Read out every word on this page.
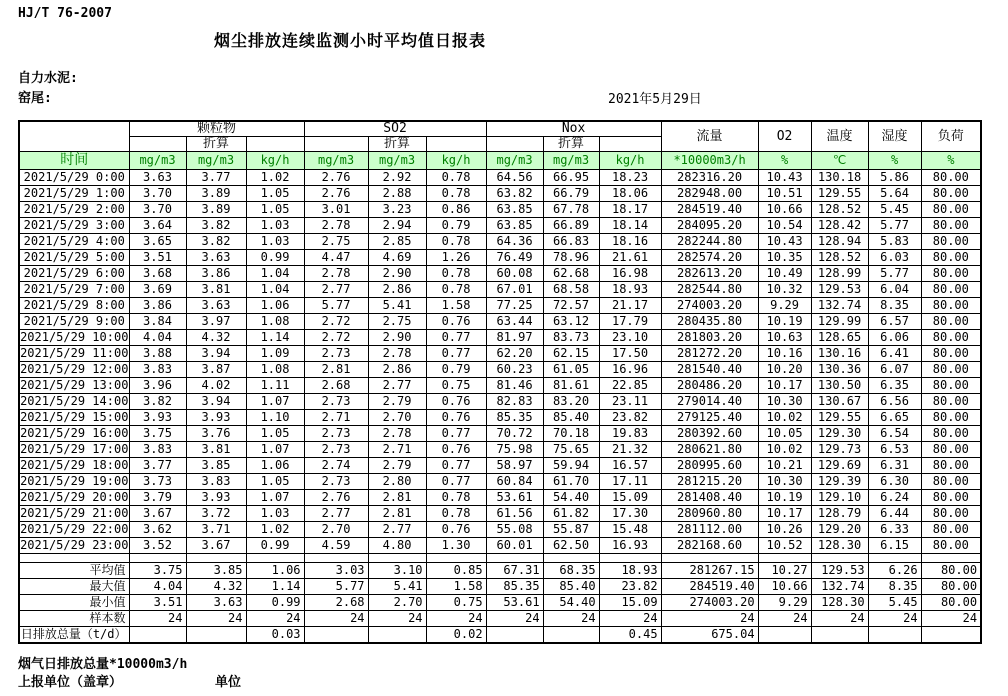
HJ/T 76-2007
烟尘排放连续监测小时平均值日报表
自力水泥:
窑尾:	2021年5月29日
	颗粒物			SO2			Nox			流量	O2	温度	湿度	负荷
		折算			折算			折算						
时间	mg/m3	mg/m3	kg/h	mg/m3	mg/m3	kg/h	mg/m3	mg/m3	kg/h	*10000m3/h	%	℃	%	%
2021/5/29 0:00	3.63	3.77	1.02	2.76	2.92	0.78	64.56	66.95	18.23	282316.20	10.43	130.18	5.86	80.00
2021/5/29 1:00	3.70	3.89	1.05	2.76	2.88	0.78	63.82	66.79	18.06	282948.00	10.51	129.55	5.64	80.00
2021/5/29 2:00	3.70	3.89	1.05	3.01	3.23	0.86	63.85	67.78	18.17	284519.40	10.66	128.52	5.45	80.00
2021/5/29 3:00	3.64	3.82	1.03	2.78	2.94	0.79	63.85	66.89	18.14	284095.20	10.54	128.42	5.77	80.00
2021/5/29 4:00	3.65	3.82	1.03	2.75	2.85	0.78	64.36	66.83	18.16	282244.80	10.43	128.94	5.83	80.00
2021/5/29 5:00	3.51	3.63	0.99	4.47	4.69	1.26	76.49	78.96	21.61	282574.20	10.35	128.52	6.03	80.00
2021/5/29 6:00	3.68	3.86	1.04	2.78	2.90	0.78	60.08	62.68	16.98	282613.20	10.49	128.99	5.77	80.00
2021/5/29 7:00	3.69	3.81	1.04	2.77	2.86	0.78	67.01	68.58	18.93	282544.80	10.32	129.53	6.04	80.00
2021/5/29 8:00	3.86	3.63	1.06	5.77	5.41	1.58	77.25	72.57	21.17	274003.20	9.29	132.74	8.35	80.00
2021/5/29 9:00	3.84	3.97	1.08	2.72	2.75	0.76	63.44	63.12	17.79	280435.80	10.19	129.99	6.57	80.00
2021/5/29 10:00	4.04	4.32	1.14	2.72	2.90	0.77	81.97	83.73	23.10	281803.20	10.63	128.65	6.06	80.00
2021/5/29 11:00	3.88	3.94	1.09	2.73	2.78	0.77	62.20	62.15	17.50	281272.20	10.16	130.16	6.41	80.00
2021/5/29 12:00	3.83	3.87	1.08	2.81	2.86	0.79	60.23	61.05	16.96	281540.40	10.20	130.36	6.07	80.00
2021/5/29 13:00	3.96	4.02	1.11	2.68	2.77	0.75	81.46	81.61	22.85	280486.20	10.17	130.50	6.35	80.00
2021/5/29 14:00	3.82	3.94	1.07	2.73	2.79	0.76	82.83	83.20	23.11	279014.40	10.30	130.67	6.56	80.00
2021/5/29 15:00	3.93	3.93	1.10	2.71	2.70	0.76	85.35	85.40	23.82	279125.40	10.02	129.55	6.65	80.00
2021/5/29 16:00	3.75	3.76	1.05	2.73	2.78	0.77	70.72	70.18	19.83	280392.60	10.05	129.30	6.54	80.00
2021/5/29 17:00	3.83	3.81	1.07	2.73	2.71	0.76	75.98	75.65	21.32	280621.80	10.02	129.73	6.53	80.00
2021/5/29 18:00	3.77	3.85	1.06	2.74	2.79	0.77	58.97	59.94	16.57	280995.60	10.21	129.69	6.31	80.00
2021/5/29 19:00	3.73	3.83	1.05	2.73	2.80	0.77	60.84	61.70	17.11	281215.20	10.30	129.39	6.30	80.00
2021/5/29 20:00	3.79	3.93	1.07	2.76	2.81	0.78	53.61	54.40	15.09	281408.40	10.19	129.10	6.24	80.00
2021/5/29 21:00	3.67	3.72	1.03	2.77	2.81	0.78	61.56	61.82	17.30	280960.80	10.17	128.79	6.44	80.00
2021/5/29 22:00	3.62	3.71	1.02	2.70	2.77	0.76	55.08	55.87	15.48	281112.00	10.26	129.20	6.33	80.00
2021/5/29 23:00	3.52	3.67	0.99	4.59	4.80	1.30	60.01	62.50	16.93	282168.60	10.52	128.30	6.15	80.00

平均值	3.75	3.85	1.06	3.03	3.10	0.85	67.31	68.35	18.93	281267.15	10.27	129.53	6.26	80.00
最大值	4.04	4.32	1.14	5.77	5.41	1.58	85.35	85.40	23.82	284519.40	10.66	132.74	8.35	80.00
最小值	3.51	3.63	0.99	2.68	2.70	0.75	53.61	54.40	15.09	274003.20	9.29	128.30	5.45	80.00
样本数	24	24	24	24	24	24	24	24	24	24	24	24	24	24

日排放总量（t/d）			0.03			0.02			0.45	675.04				
烟气日排放总量*10000m3/h
上报单位（盖章）	单位
